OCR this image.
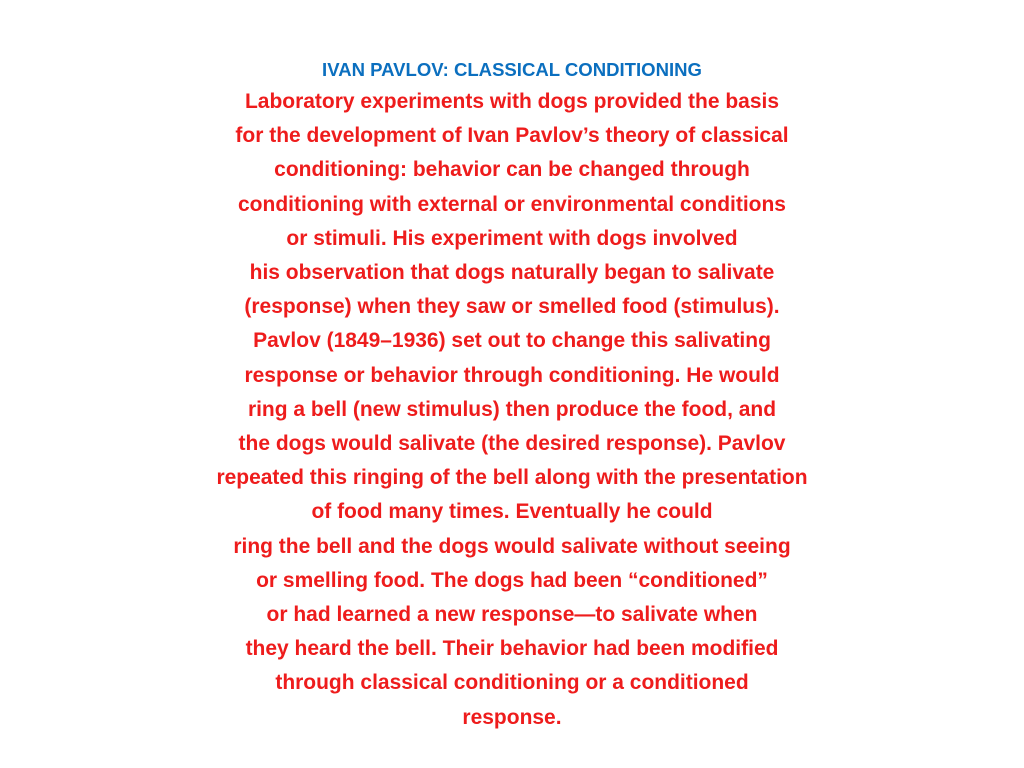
IVAN PAVLOV: CLASSICAL CONDITIONING
Laboratory experiments with dogs provided the basis
for the development of Ivan Pavlov’s theory of classical
conditioning: behavior can be changed through
conditioning with external or environmental conditions
or stimuli. His experiment with dogs involved
his observation that dogs naturally began to salivate
(response) when they saw or smelled food (stimulus).
Pavlov (1849–1936) set out to change this salivating
response or behavior through conditioning. He would
ring a bell (new stimulus) then produce the food, and
the dogs would salivate (the desired response). Pavlov
repeated this ringing of the bell along with the presentation
of food many times. Eventually he could
ring the bell and the dogs would salivate without seeing
or smelling food. The dogs had been “conditioned”
or had learned a new response—to salivate when
they heard the bell. Their behavior had been modified
through classical conditioning or a conditioned
response.
